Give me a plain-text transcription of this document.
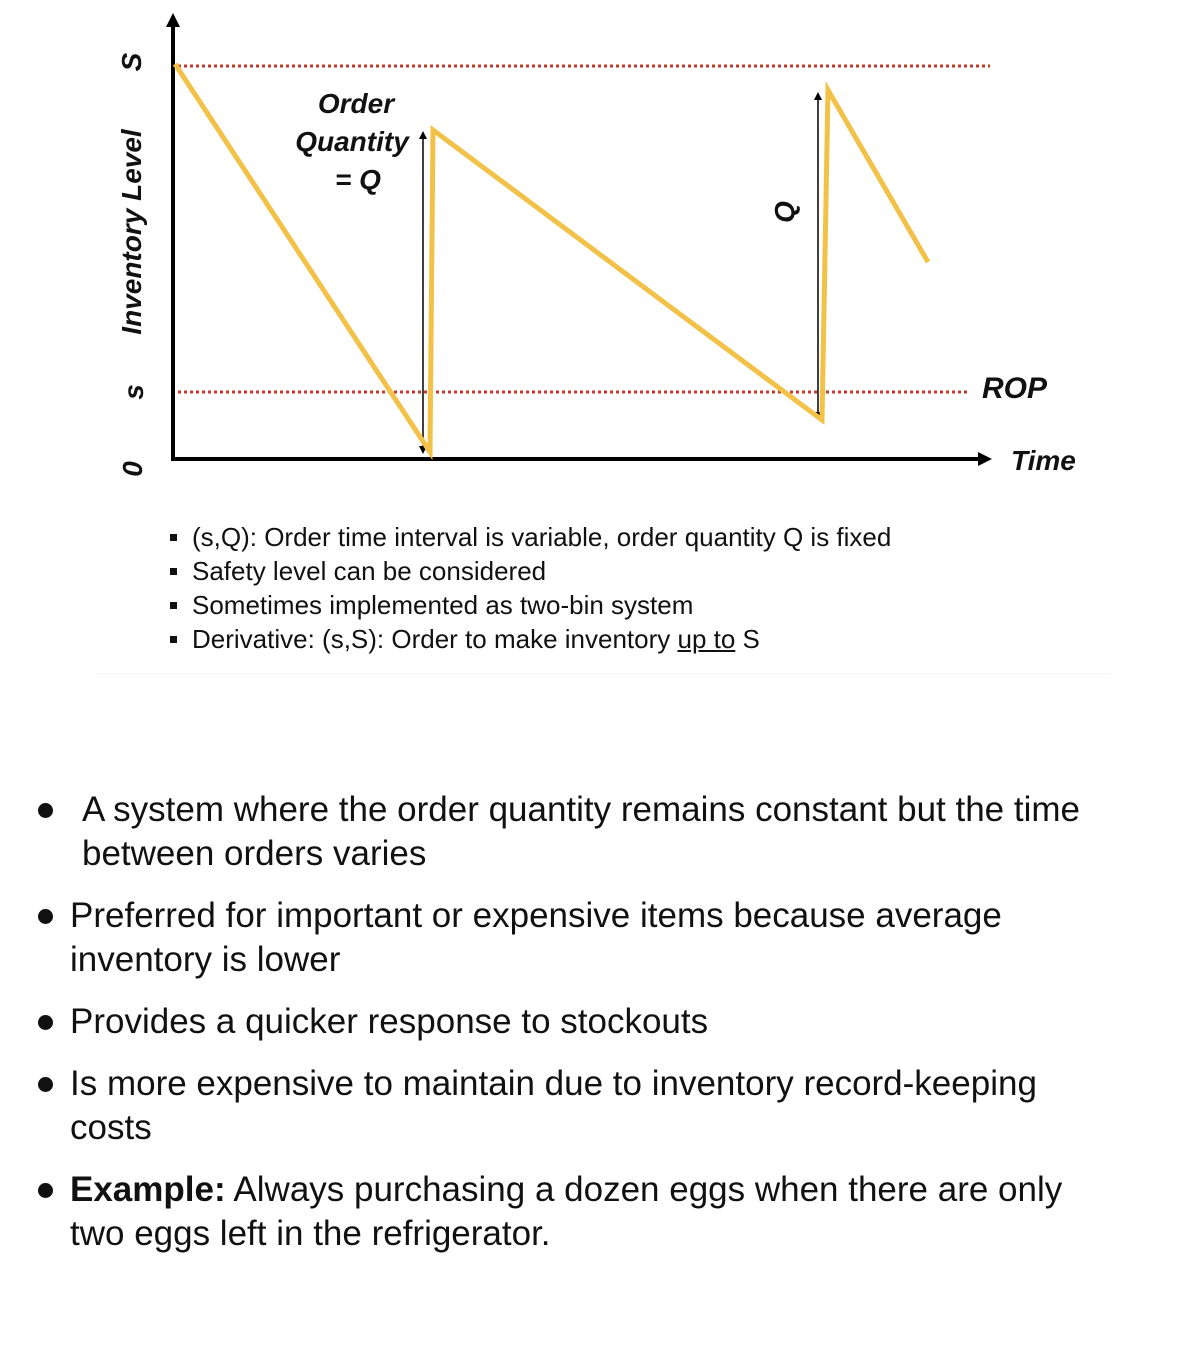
Inventory Level
S
s
0
ROP
Time
Order
Quantity
= Q
Q
(s,Q): Order time interval is variable, order quantity Q is fixed
Safety level can be considered
Sometimes implemented as two-bin system
Derivative: (s,S): Order to make inventory up to S
A system where the order quantity remains constant but the time
between orders varies
Preferred for important or expensive items because average
inventory is lower
Provides a quicker response to stockouts
Is more expensive to maintain due to inventory record-keeping
costs
Example: Always purchasing a dozen eggs when there are only
two eggs left in the refrigerator.
